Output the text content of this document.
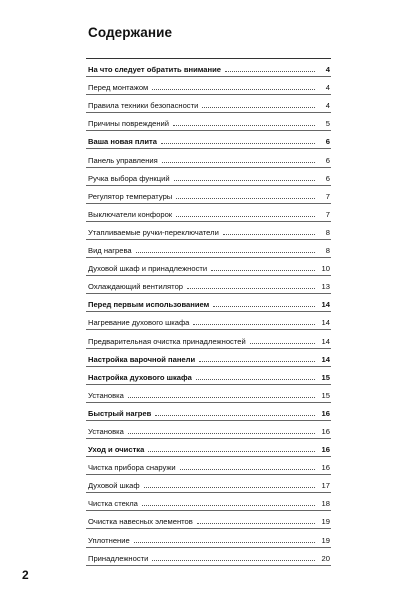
Содержание
На что следует обратить внимание	4
Перед монтажом	4
Правила техники безопасности	4
Причины повреждений	5
Ваша новая плита	6
Панель управления	6
Ручка выбора функций	6
Регулятор температуры	7
Выключатели конфорок	7
Утапливаемые ручки-переключатели	8
Вид нагрева	8
Духовой шкаф и принадлежности	10
Охлаждающий вентилятор	13
Перед первым использованием	14
Нагревание духового шкафа	14
Предварительная очистка принадлежностей	14
Настройка варочной панели	14
Настройка духового шкафа	15
Установка	15
Быстрый нагрев	16
Установка	16
Уход и очистка	16
Чистка прибора снаружи	16
Духовой шкаф	17
Чистка стекла	18
Очистка навесных элементов	19
Уплотнение	19
Принадлежности	20
2
